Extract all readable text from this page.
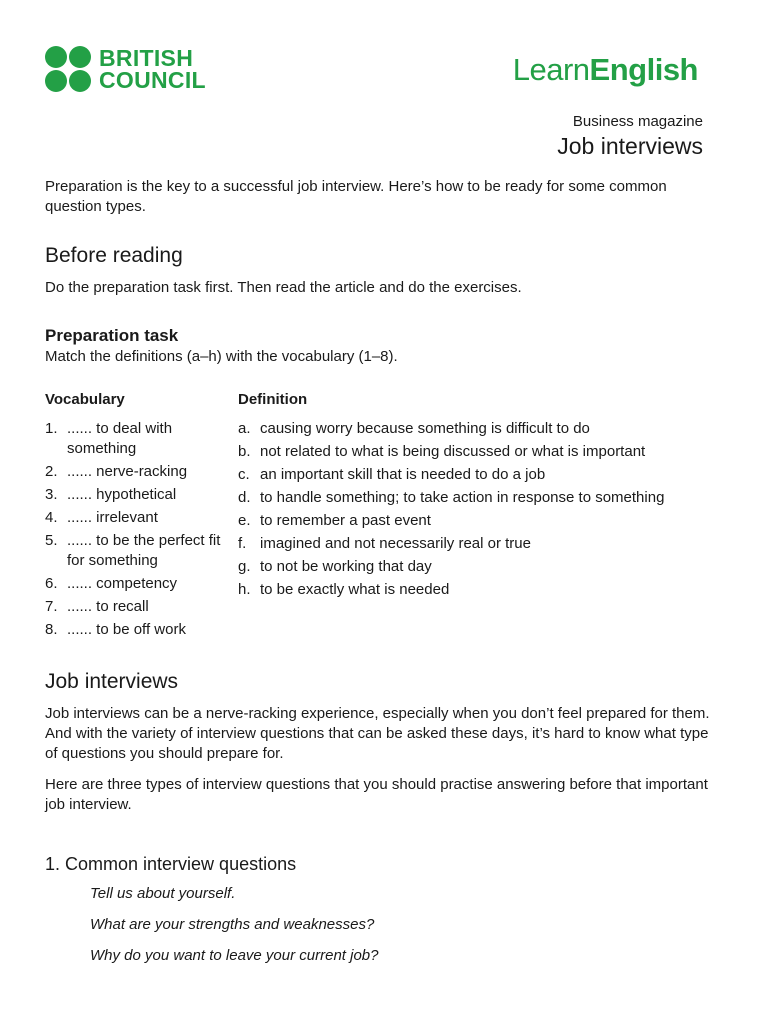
BRITISH
COUNCIL	LearnEnglish
Business magazine
Job interviews

Preparation is the key to a successful job interview. Here’s how to be ready for some common question types.

Before reading

Do the preparation task first. Then read the article and do the exercises.

Preparation task

Match the definitions (a–h) with the vocabulary (1–8).

Vocabulary
1. ...... to deal with something
2. ...... nerve-racking
3. ...... hypothetical
4. ...... irrelevant
5. ...... to be the perfect fit for something
6. ...... competency
7. ...... to recall
8. ...... to be off work
Definition
a. causing worry because something is difficult to do
b. not related to what is being discussed or what is important
c. an important skill that is needed to do a job
d. to handle something; to take action in response to something
e. to remember a past event
f. imagined and not necessarily real or true
g. to not be working that day
h. to be exactly what is needed
Job interviews

Job interviews can be a nerve-racking experience, especially when you don’t feel prepared for them. And with the variety of interview questions that can be asked these days, it’s hard to know what type of questions you should prepare for.

Here are three types of interview questions that you should practise answering before that important job interview.

1. Common interview questions
Tell us about yourself.
What are your strengths and weaknesses?
Why do you want to leave your current job?
